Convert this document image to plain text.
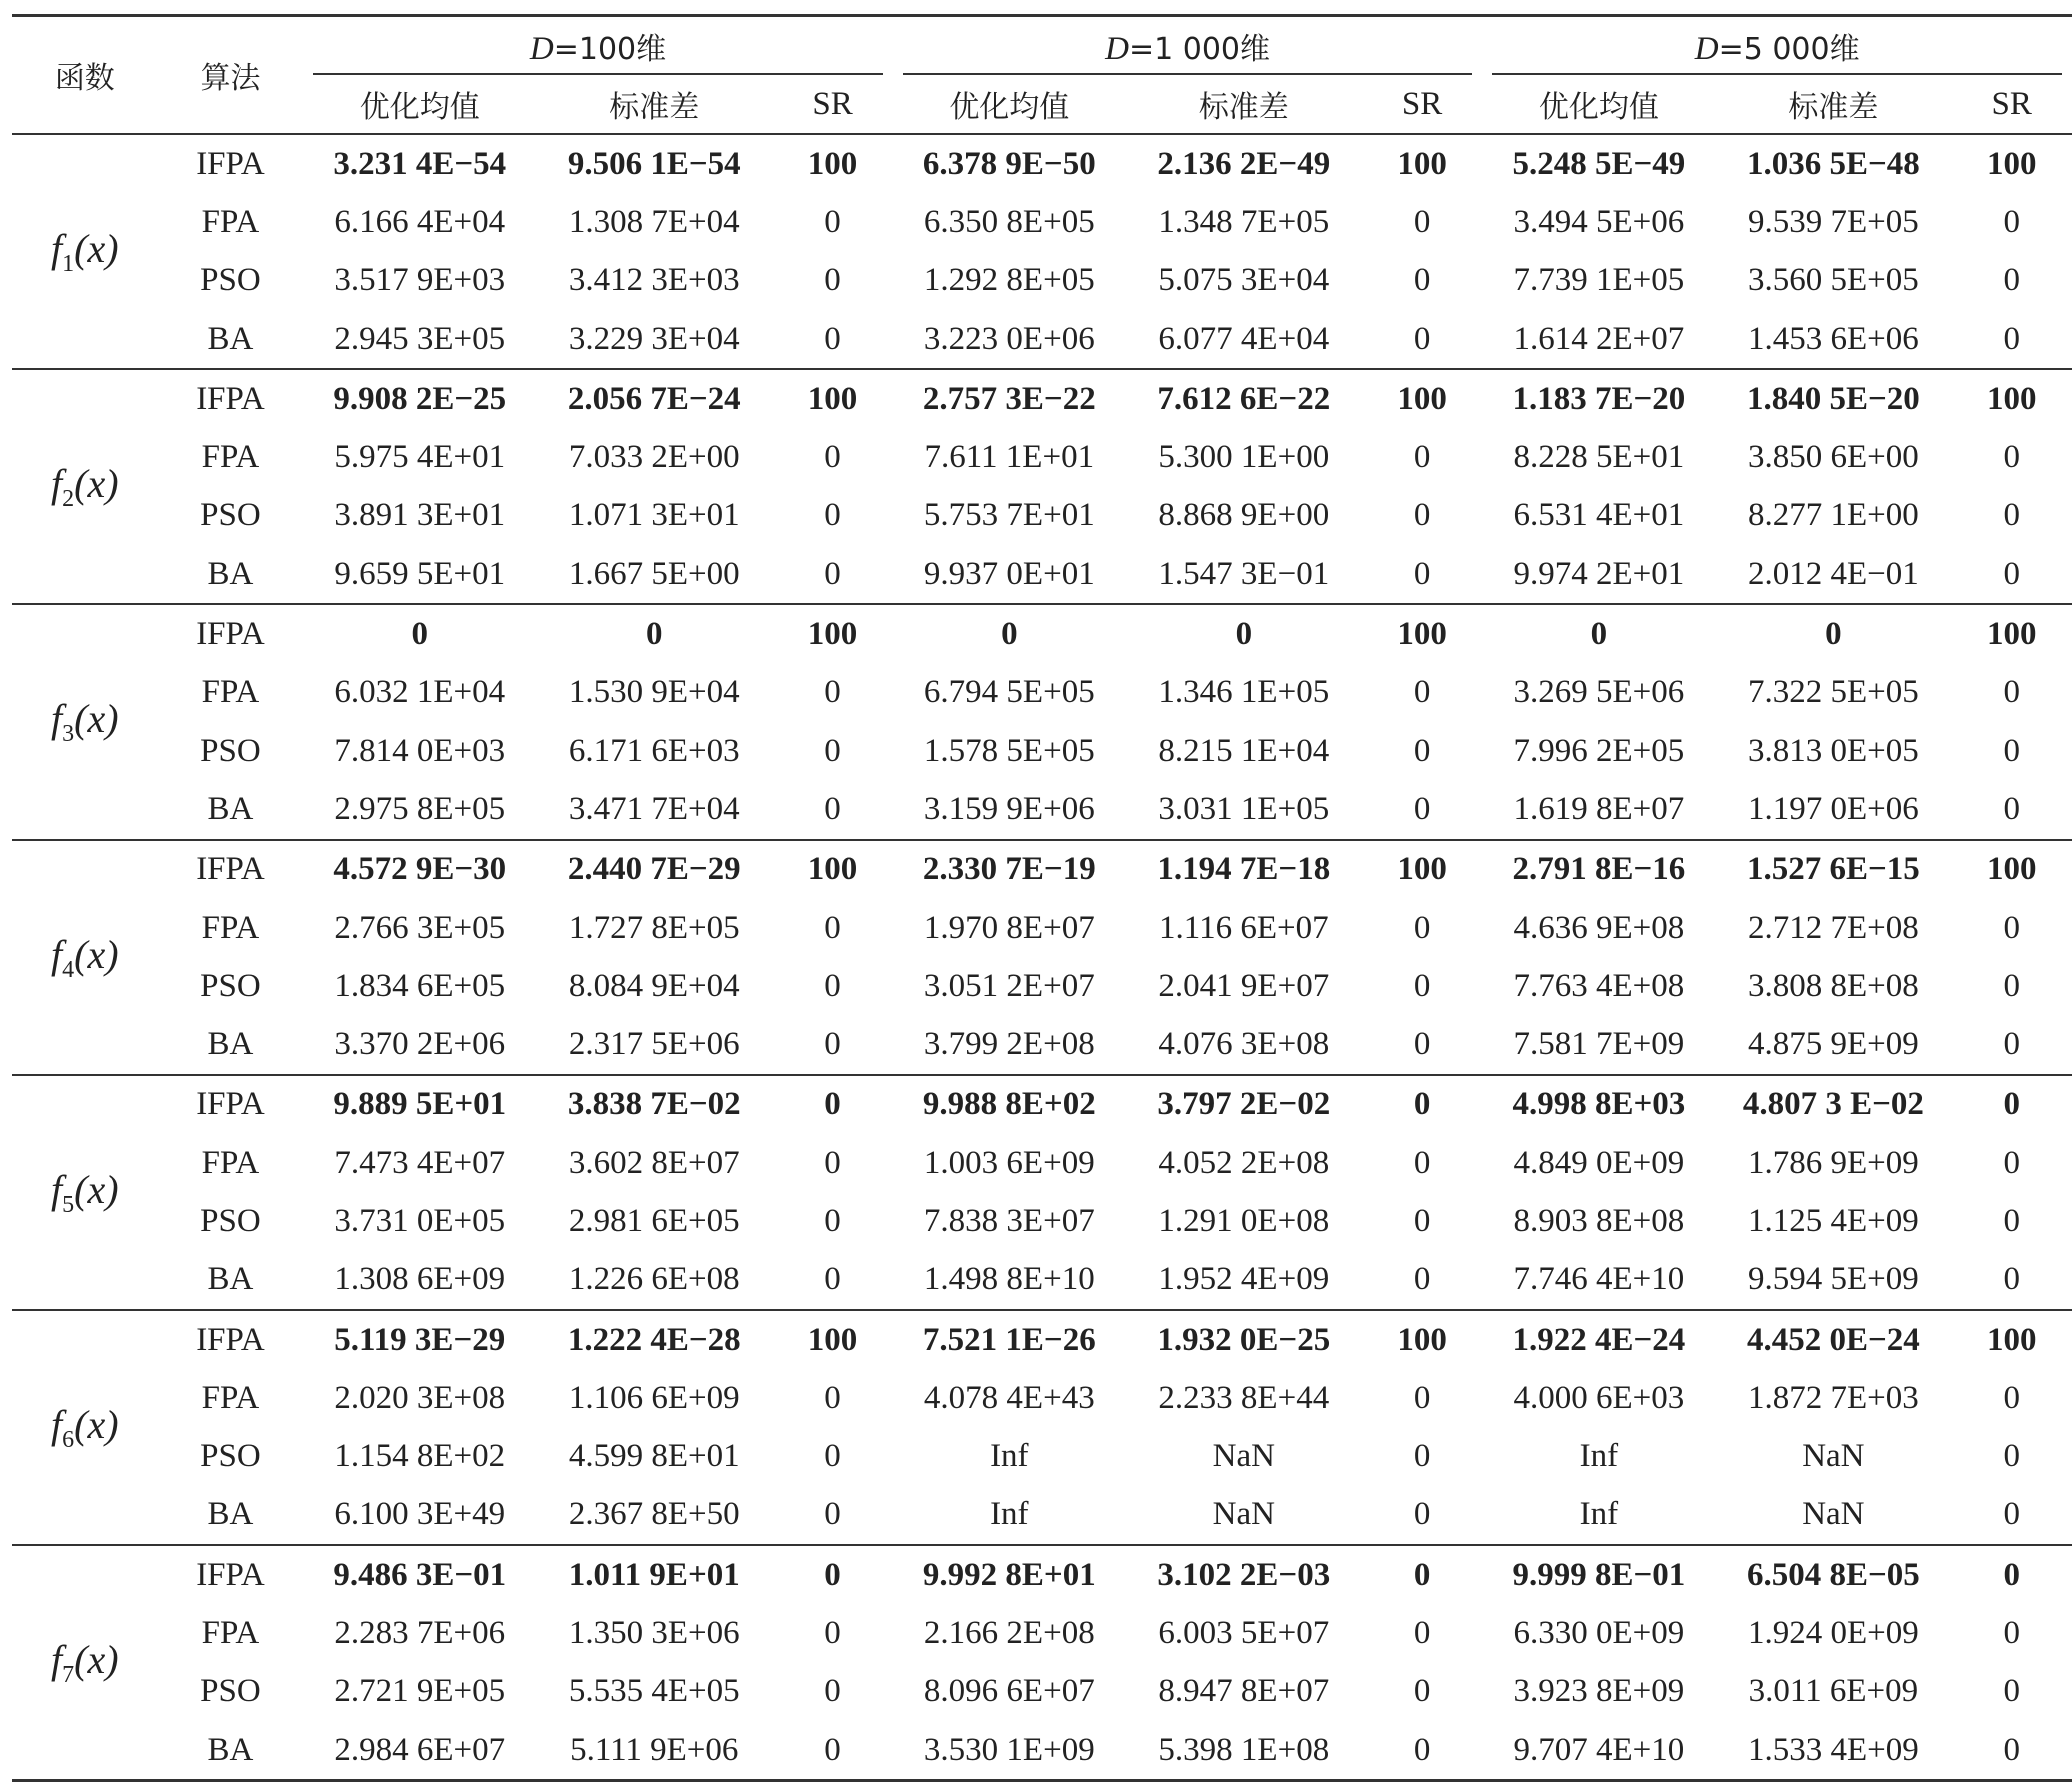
函数	算法	D=100维			D=1 000维			D=5 000维		
		优化均值	标准差	SR	优化均值	标准差	SR	优化均值	标准差	SR
$f_1(x)$	IFPA	3.231 4E−54	9.506 1E−54	100	6.378 9E−50	2.136 2E−49	100	5.248 5E−49	1.036 5E−48	100
	FPA	6.166 4E+04	1.308 7E+04	0	6.350 8E+05	1.348 7E+05	0	3.494 5E+06	9.539 7E+05	0
	PSO	3.517 9E+03	3.412 3E+03	0	1.292 8E+05	5.075 3E+04	0	7.739 1E+05	3.560 5E+05	0
	BA	2.945 3E+05	3.229 3E+04	0	3.223 0E+06	6.077 4E+04	0	1.614 2E+07	1.453 6E+06	0
$f_2(x)$	IFPA	9.908 2E−25	2.056 7E−24	100	2.757 3E−22	7.612 6E−22	100	1.183 7E−20	1.840 5E−20	100
	FPA	5.975 4E+01	7.033 2E+00	0	7.611 1E+01	5.300 1E+00	0	8.228 5E+01	3.850 6E+00	0
	PSO	3.891 3E+01	1.071 3E+01	0	5.753 7E+01	8.868 9E+00	0	6.531 4E+01	8.277 1E+00	0
	BA	9.659 5E+01	1.667 5E+00	0	9.937 0E+01	1.547 3E−01	0	9.974 2E+01	2.012 4E−01	0
$f_3(x)$	IFPA	0	0	100	0	0	100	0	0	100
	FPA	6.032 1E+04	1.530 9E+04	0	6.794 5E+05	1.346 1E+05	0	3.269 5E+06	7.322 5E+05	0
	PSO	7.814 0E+03	6.171 6E+03	0	1.578 5E+05	8.215 1E+04	0	7.996 2E+05	3.813 0E+05	0
	BA	2.975 8E+05	3.471 7E+04	0	3.159 9E+06	3.031 1E+05	0	1.619 8E+07	1.197 0E+06	0
$f_4(x)$	IFPA	4.572 9E−30	2.440 7E−29	100	2.330 7E−19	1.194 7E−18	100	2.791 8E−16	1.527 6E−15	100
	FPA	2.766 3E+05	1.727 8E+05	0	1.970 8E+07	1.116 6E+07	0	4.636 9E+08	2.712 7E+08	0
	PSO	1.834 6E+05	8.084 9E+04	0	3.051 2E+07	2.041 9E+07	0	7.763 4E+08	3.808 8E+08	0
	BA	3.370 2E+06	2.317 5E+06	0	3.799 2E+08	4.076 3E+08	0	7.581 7E+09	4.875 9E+09	0
$f_5(x)$	IFPA	9.889 5E+01	3.838 7E−02	0	9.988 8E+02	3.797 2E−02	0	4.998 8E+03	4.807 3 E−02	0
	FPA	7.473 4E+07	3.602 8E+07	0	1.003 6E+09	4.052 2E+08	0	4.849 0E+09	1.786 9E+09	0
	PSO	3.731 0E+05	2.981 6E+05	0	7.838 3E+07	1.291 0E+08	0	8.903 8E+08	1.125 4E+09	0
	BA	1.308 6E+09	1.226 6E+08	0	1.498 8E+10	1.952 4E+09	0	7.746 4E+10	9.594 5E+09	0
$f_6(x)$	IFPA	5.119 3E−29	1.222 4E−28	100	7.521 1E−26	1.932 0E−25	100	1.922 4E−24	4.452 0E−24	100
	FPA	2.020 3E+08	1.106 6E+09	0	4.078 4E+43	2.233 8E+44	0	4.000 6E+03	1.872 7E+03	0
	PSO	1.154 8E+02	4.599 8E+01	0	Inf	NaN	0	Inf	NaN	0
	BA	6.100 3E+49	2.367 8E+50	0	Inf	NaN	0	Inf	NaN	0
$f_7(x)$	IFPA	9.486 3E−01	1.011 9E+01	0	9.992 8E+01	3.102 2E−03	0	9.999 8E−01	6.504 8E−05	0
	FPA	2.283 7E+06	1.350 3E+06	0	2.166 2E+08	6.003 5E+07	0	6.330 0E+09	1.924 0E+09	0
	PSO	2.721 9E+05	5.535 4E+05	0	8.096 6E+07	8.947 8E+07	0	3.923 8E+09	3.011 6E+09	0
	BA	2.984 6E+07	5.111 9E+06	0	3.530 1E+09	5.398 1E+08	0	9.707 4E+10	1.533 4E+09	0
